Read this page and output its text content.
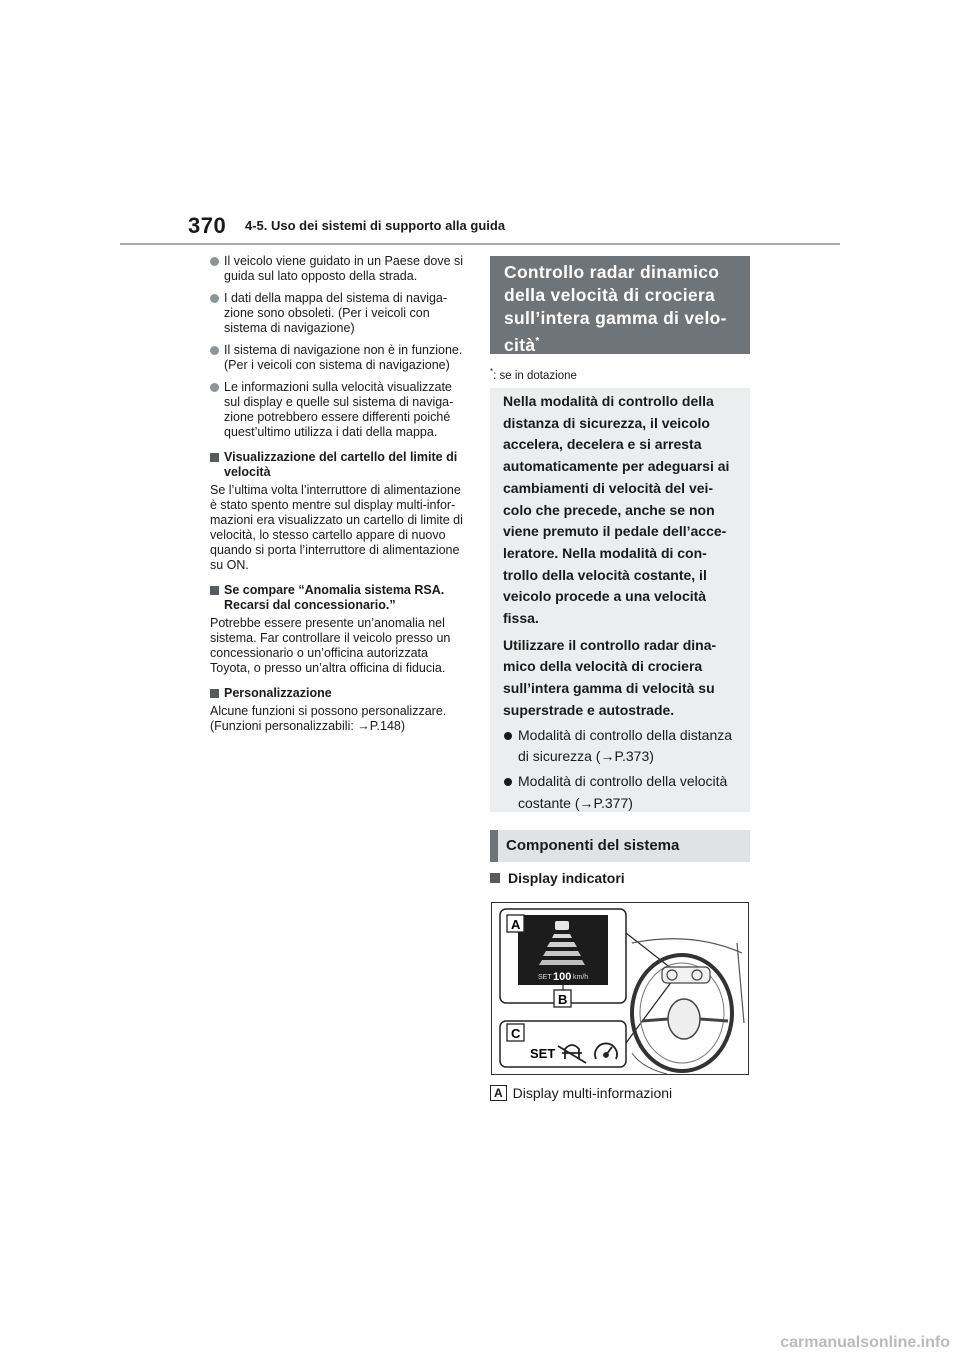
370 4-5. Uso dei sistemi di supporto alla guida
Il veicolo viene guidato in un Paese dove si guida sul lato opposto della strada.
I dati della mappa del sistema di naviga-zione sono obsoleti. (Per i veicoli con sistema di navigazione)
Il sistema di navigazione non è in funzione. (Per i veicoli con sistema di navigazione)
Le informazioni sulla velocità visualizzate sul display e quelle sul sistema di naviga-zione potrebbero essere differenti poiché quest’ultimo utilizza i dati della mappa.
Visualizzazione del cartello del limite di velocità
Se l’ultima volta l’interruttore di alimentazione è stato spento mentre sul display multi-infor-mazioni era visualizzato un cartello di limite di velocità, lo stesso cartello appare di nuovo quando si porta l’interruttore di alimentazione su ON.
Se compare “Anomalia sistema RSA. Recarsi dal concessionario.”
Potrebbe essere presente un’anomalia nel sistema. Far controllare il veicolo presso un concessionario o un’officina autorizzata Toyota, o presso un’altra officina di fiducia.
Personalizzazione
Alcune funzioni si possono personalizzare. (Funzioni personalizzabili: →P.148)
Controllo radar dinamico della velocità di crociera sull’intera gamma di velo-cità*
*: se in dotazione
Nella modalità di controllo della distanza di sicurezza, il veicolo accelera, decelera e si arresta automaticamente per adeguarsi ai cambiamenti di velocità del vei-colo che precede, anche se non viene premuto il pedale dell’acce-leratore. Nella modalità di con-trollo della velocità costante, il veicolo procede a una velocità fissa.
Utilizzare il controllo radar dina-mico della velocità di crociera sull’intera gamma di velocità su superstrade e autostrade.
Modalità di controllo della distanza di sicurezza (→P.373)
Modalità di controllo della velocità costante (→P.377)
Componenti del sistema
Display indicatori
SET 100 km/h
A
B
C
SET
A Display multi-informazioni
carmanualsonline.info
